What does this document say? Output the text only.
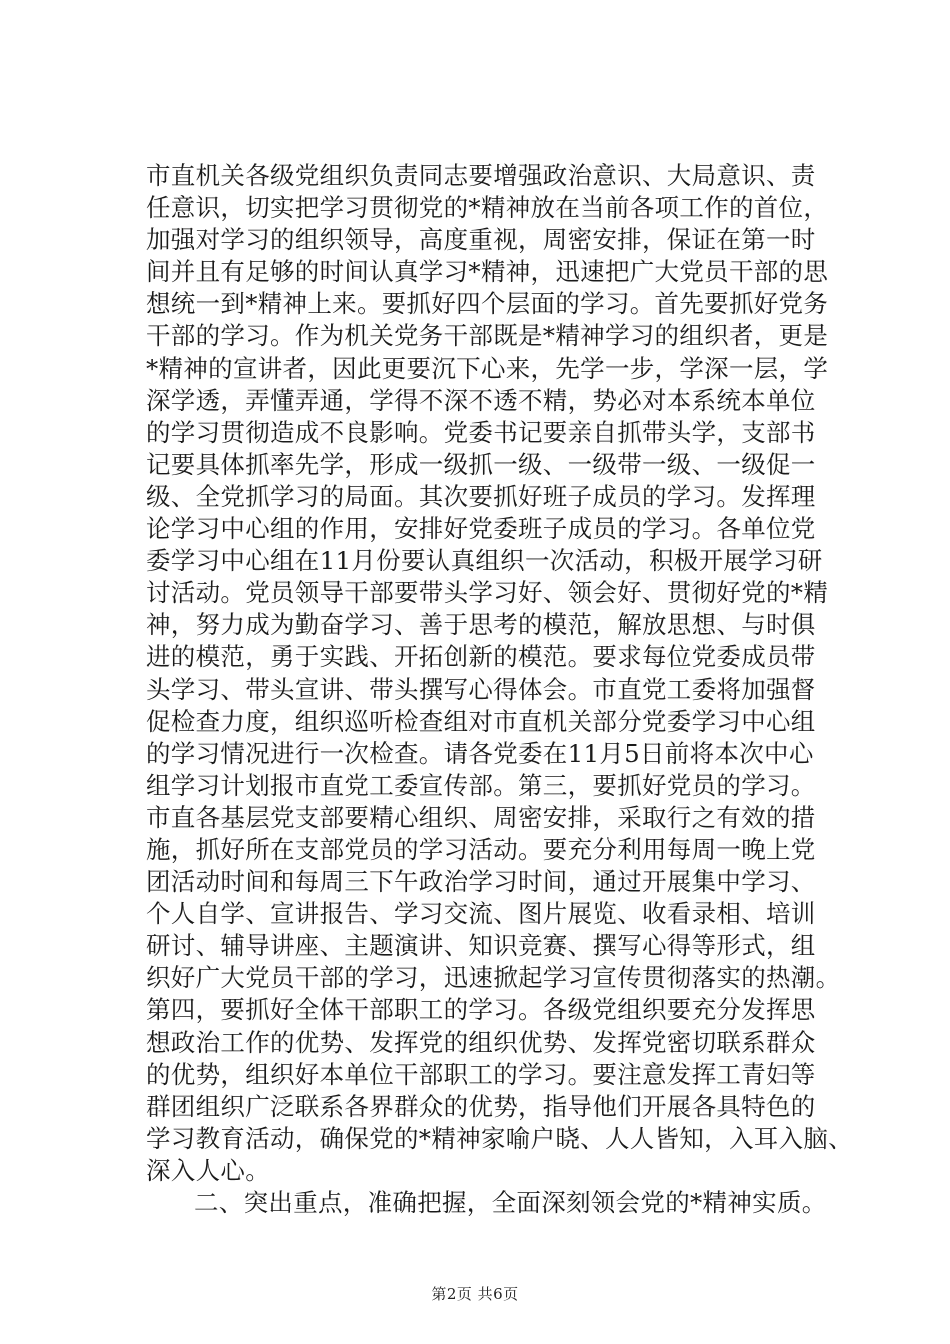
市直机关各级党组织负责同志要增强政治意识、大局意识、责
任意识，切实把学习贯彻党的*精神放在当前各项工作的首位，
加强对学习的组织领导，高度重视，周密安排，保证在第一时
间并且有足够的时间认真学习*精神，迅速把广大党员干部的思
想统一到*精神上来。要抓好四个层面的学习。首先要抓好党务
干部的学习。作为机关党务干部既是*精神学习的组织者，更是
*精神的宣讲者，因此更要沉下心来，先学一步，学深一层，学
深学透，弄懂弄通，学得不深不透不精，势必对本系统本单位
的学习贯彻造成不良影响。党委书记要亲自抓带头学，支部书
记要具体抓率先学，形成一级抓一级、一级带一级、一级促一
级、全党抓学习的局面。其次要抓好班子成员的学习。发挥理
论学习中心组的作用，安排好党委班子成员的学习。各单位党
委学习中心组在11月份要认真组织一次活动，积极开展学习研
讨活动。党员领导干部要带头学习好、领会好、贯彻好党的*精
神，努力成为勤奋学习、善于思考的模范，解放思想、与时俱
进的模范，勇于实践、开拓创新的模范。要求每位党委成员带
头学习、带头宣讲、带头撰写心得体会。市直党工委将加强督
促检查力度，组织巡听检查组对市直机关部分党委学习中心组
的学习情况进行一次检查。请各党委在11月5日前将本次中心
组学习计划报市直党工委宣传部。第三，要抓好党员的学习。
市直各基层党支部要精心组织、周密安排，采取行之有效的措
施，抓好所在支部党员的学习活动。要充分利用每周一晚上党
团活动时间和每周三下午政治学习时间，通过开展集中学习、
个人自学、宣讲报告、学习交流、图片展览、收看录相、培训
研讨、辅导讲座、主题演讲、知识竞赛、撰写心得等形式，组
织好广大党员干部的学习，迅速掀起学习宣传贯彻落实的热潮。
第四，要抓好全体干部职工的学习。各级党组织要充分发挥思
想政治工作的优势、发挥党的组织优势、发挥党密切联系群众
的优势，组织好本单位干部职工的学习。要注意发挥工青妇等
群团组织广泛联系各界群众的优势，指导他们开展各具特色的
学习教育活动，确保党的*精神家喻户晓、人人皆知，入耳入脑、
深入人心。
二、突出重点，准确把握，全面深刻领会党的*精神实质。
第2页 共6页
